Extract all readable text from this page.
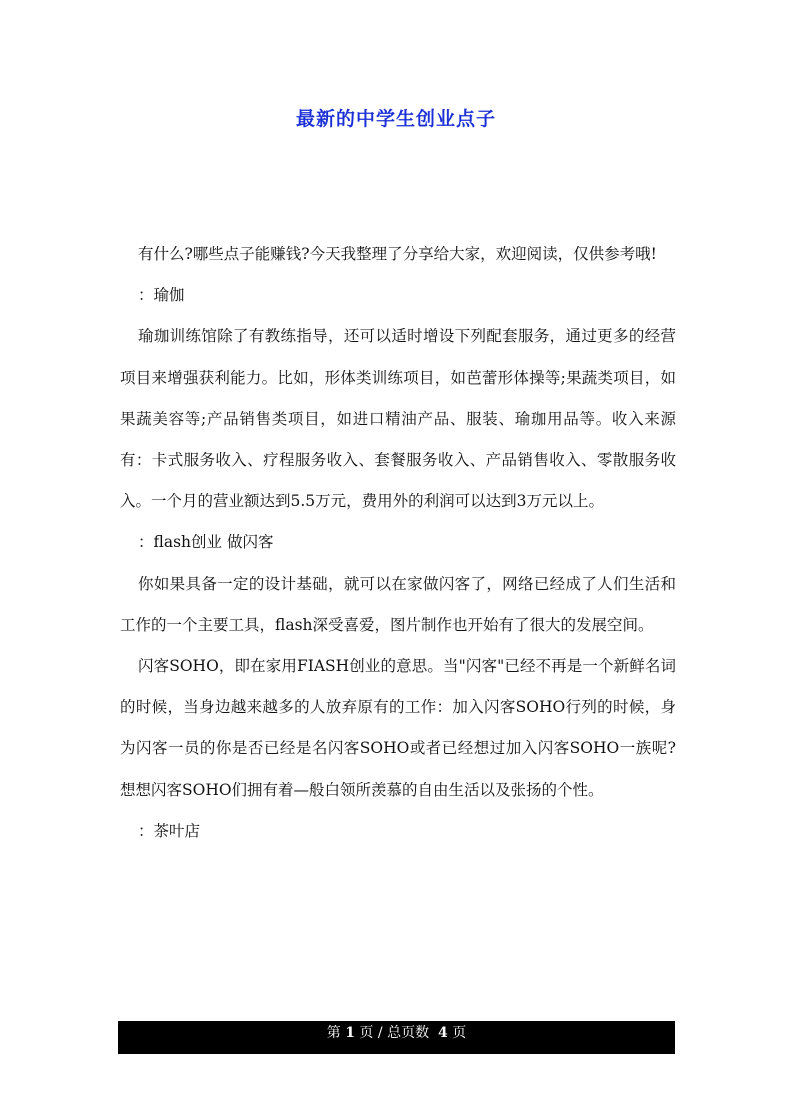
最新的中学生创业点子

有什么?哪些点子能赚钱?今天我整理了分享给大家，欢迎阅读，仅供参考哦!

：瑜伽

瑜珈训练馆除了有教练指导，还可以适时增设下列配套服务，通过更多的经营项目来增强获利能力。比如，形体类训练项目，如芭蕾形体操等;果蔬类项目，如果蔬美容等;产品销售类项目，如进口精油产品、服装、瑜珈用品等。收入来源有：卡式服务收入、疗程服务收入、套餐服务收入、产品销售收入、零散服务收入。一个月的营业额达到5.5万元，费用外的利润可以达到3万元以上。

：flash创业 做闪客

你如果具备一定的设计基础，就可以在家做闪客了，网络已经成了人们生活和工作的一个主要工具，flash深受喜爱，图片制作也开始有了很大的发展空间。

闪客SOHO，即在家用FIASH创业的意思。当"闪客"已经不再是一个新鲜名词的时候，当身边越来越多的人放弃原有的工作：加入闪客SOHO行列的时候，身为闪客一员的你是否已经是名闪客SOHO或者已经想过加入闪客SOHO一族呢?想想闪客SOHO们拥有着—般白领所羡慕的自由生活以及张扬的个性。

：茶叶店

第 1 页 / 总页数 4 页
